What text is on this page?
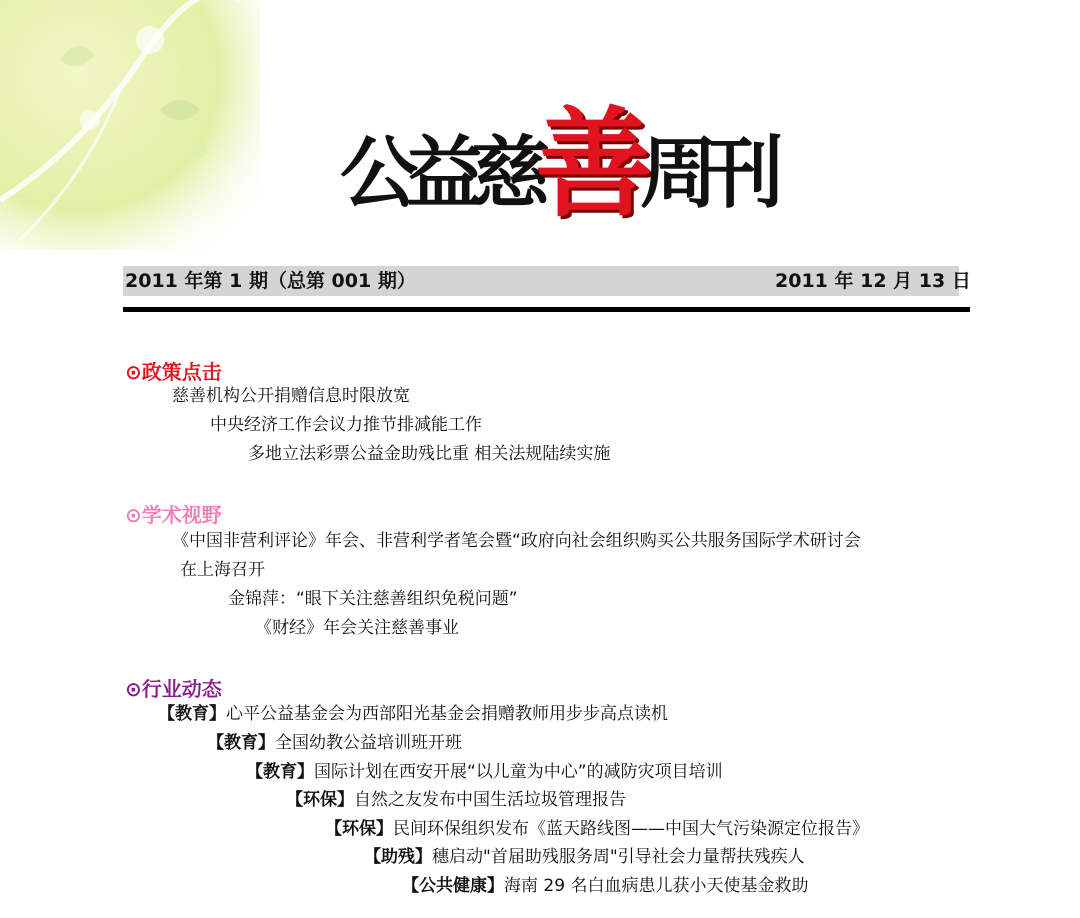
公
益
慈
善
周
刊
2011 年第 1 期（总第 001 期）	2011 年 12 月 13 日
⊙政策点击
慈善机构公开捐赠信息时限放宽
中央经济工作会议力推节排减能工作
多地立法彩票公益金助残比重 相关法规陆续实施
⊙学术视野
《中国非营利评论》年会、非营利学者笔会暨“政府向社会组织购买公共服务国际学术研讨会
在上海召开
金锦萍：“眼下关注慈善组织免税问题”
《财经》年会关注慈善事业
⊙行业动态
【教育】心平公益基金会为西部阳光基金会捐赠教师用步步高点读机
【教育】全国幼教公益培训班开班
【教育】国际计划在西安开展“以儿童为中心”的减防灾项目培训
【环保】自然之友发布中国生活垃圾管理报告
【环保】民间环保组织发布《蓝天路线图——中国大气污染源定位报告》
【助残】穗启动"首届助残服务周"引导社会力量帮扶残疾人
【公共健康】海南 29 名白血病患儿获小天使基金救助
